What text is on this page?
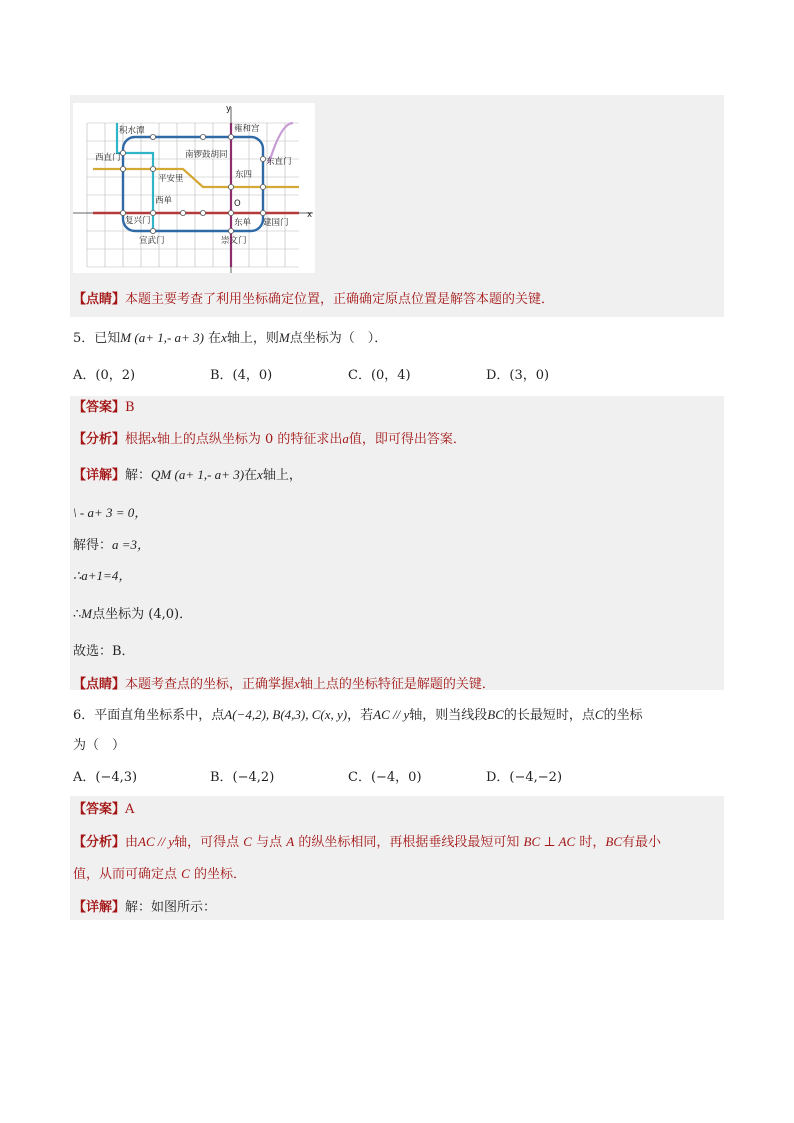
y
x
O
积水潭	雍和宫
西直门	南锣鼓胡同
东直门
平安里	东四
西单
东单 建国门
复兴门
宣武门	崇文门
【点睛】本题主要考查了利用坐标确定位置，正确确定原点位置是解答本题的关键．
5．已知M (a+ 1,- a+ 3) 在x轴上，则M点坐标为（　）．
A．(0，2)	B．(4，0)	C．(0，4)	D．(3，0)
【答案】B
【分析】根据x轴上的点纵坐标为 0 的特征求出a值，即可得出答案．
【详解】解：QM (a+ 1,- a+ 3)在x轴上，
\ - a+ 3 = 0，
解得：a =3，
∴a+1=4，
∴M点坐标为 (4,0)．
故选：B．
【点睛】本题考查点的坐标，正确掌握x轴上点的坐标特征是解题的关键．
6．平面直角坐标系中，点A(−4,2), B(4,3), C(x, y)，若AC // y轴，则当线段BC的长最短时，点C的坐标
为（　）
A．(−4,3)	B．(−4,2)	C．(−4，0)	D．(−4,−2)
【答案】A
【分析】由AC // y轴，可得点 C 与点 A 的纵坐标相同，再根据垂线段最短可知 BC ⊥ AC 时，BC有最小
值，从而可确定点 C 的坐标．
【详解】解：如图所示：
